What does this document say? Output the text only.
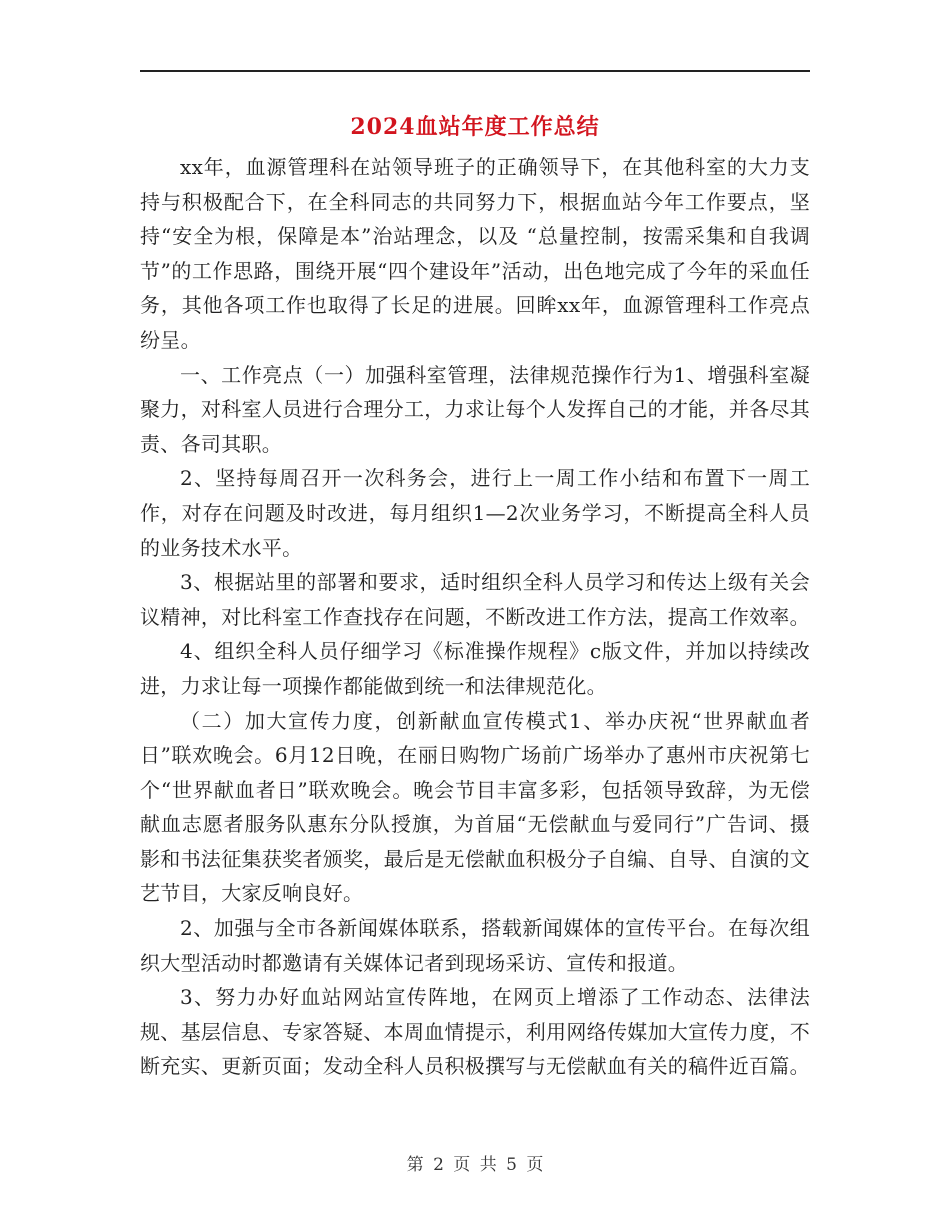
2024血站年度工作总结

xx年，血源管理科在站领导班子的正确领导下，在其他科室的大力支持与积极配合下，在全科同志的共同努力下，根据血站今年工作要点，坚持“安全为根，保障是本”治站理念，以及 “总量控制，按需采集和自我调节”的工作思路，围绕开展“四个建设年”活动，出色地完成了今年的采血任务，其他各项工作也取得了长足的进展。回眸xx年，血源管理科工作亮点纷呈。

一、工作亮点（一）加强科室管理，法律规范操作行为1、增强科室凝聚力，对科室人员进行合理分工，力求让每个人发挥自己的才能，并各尽其责、各司其职。

2、坚持每周召开一次科务会，进行上一周工作小结和布置下一周工作，对存在问题及时改进，每月组织1—2次业务学习，不断提高全科人员的业务技术水平。

3、根据站里的部署和要求，适时组织全科人员学习和传达上级有关会议精神，对比科室工作查找存在问题，不断改进工作方法，提高工作效率。

4、组织全科人员仔细学习《标准操作规程》c版文件，并加以持续改进，力求让每一项操作都能做到统一和法律规范化。

（二）加大宣传力度，创新献血宣传模式1、举办庆祝“世界献血者日”联欢晚会。6月12日晚，在丽日购物广场前广场举办了惠州市庆祝第七个“世界献血者日”联欢晚会。晚会节目丰富多彩，包括领导致辞，为无偿献血志愿者服务队惠东分队授旗，为首届“无偿献血与爱同行”广告词、摄影和书法征集获奖者颁奖，最后是无偿献血积极分子自编、自导、自演的文艺节目，大家反响良好。

2、加强与全市各新闻媒体联系，搭载新闻媒体的宣传平台。在每次组织大型活动时都邀请有关媒体记者到现场采访、宣传和报道。

3、努力办好血站网站宣传阵地，在网页上增添了工作动态、法律法规、基层信息、专家答疑、本周血情提示，利用网络传媒加大宣传力度，不断充实、更新页面；发动全科人员积极撰写与无偿献血有关的稿件近百篇。

第 2 页 共 5 页
